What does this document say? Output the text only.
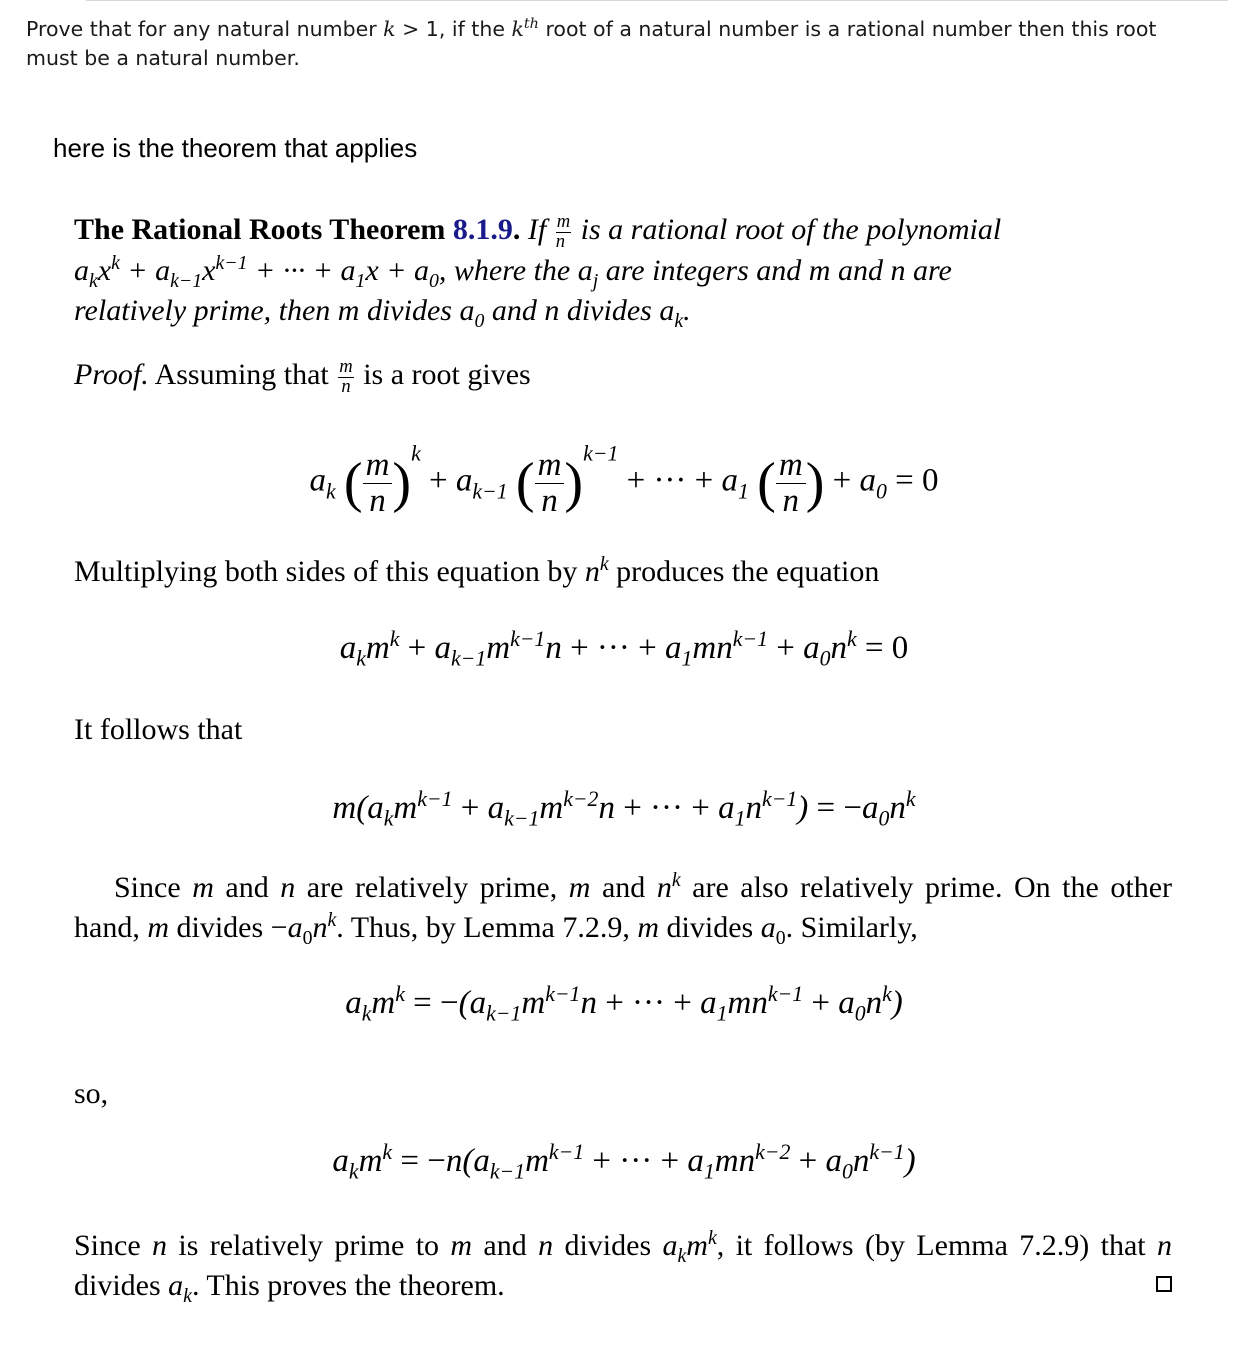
Prove that for any natural number k > 1, if the $k^{th}$ root of a natural number is a rational number then this root must be a natural number.
here is the theorem that applies
The Rational Roots Theorem 8.1.9. If $\frac{m}{n}$ is a rational root of the polynomial
$a_kx^k + a_{k-1}x^{k-1}$ + ··· + $a_1x + a_0$, where the $a_j$ are integers and m and n are
relatively prime, then m divides $a_0$ and n divides $a_k$.
Proof. Assuming that $\frac{m}{n}$ is a root gives
$a_k$ ( $\frac{m}{n} )^k + a_{k-1}$ ( $\frac{m}{n} )^{k-1}$ + ··· + $a_1$ ( $\frac{m}{n}$ ) + $a_0 = 0$
Multiplying both sides of this equation by $n^k$ produces the equation
$a_km^k + a_{k-1}m^{k-1}n$ + ··· + $a_1mn^{k-1} + a_0n^k = 0$
It follows that
$m(a_km^{k-1} + a_{k-1}m^{k-2}n$ + ··· + $a_1n^{k-1}) = -a_0n^k$
Since m and n are relatively prime, m and $n^k$ are also relatively prime. On the other hand, m divides $-a_0n^k$. Thus, by Lemma 7.2.9, m divides $a_0$. Similarly,
$a_km^k = -(a_{k-1}m^{k-1}n$ + ··· + $a_1mn^{k-1} + a_0n^k$)
so,
$a_km^k = -n(a_{k-1}m^{k-1}$ + ··· + $a_1mn^{k-2} + a_0n^{k-1}$)
Since n is relatively prime to m and n divides $a_km^k$, it follows (by Lemma 7.2.9) that n divides $a_k$. This proves the theorem.
